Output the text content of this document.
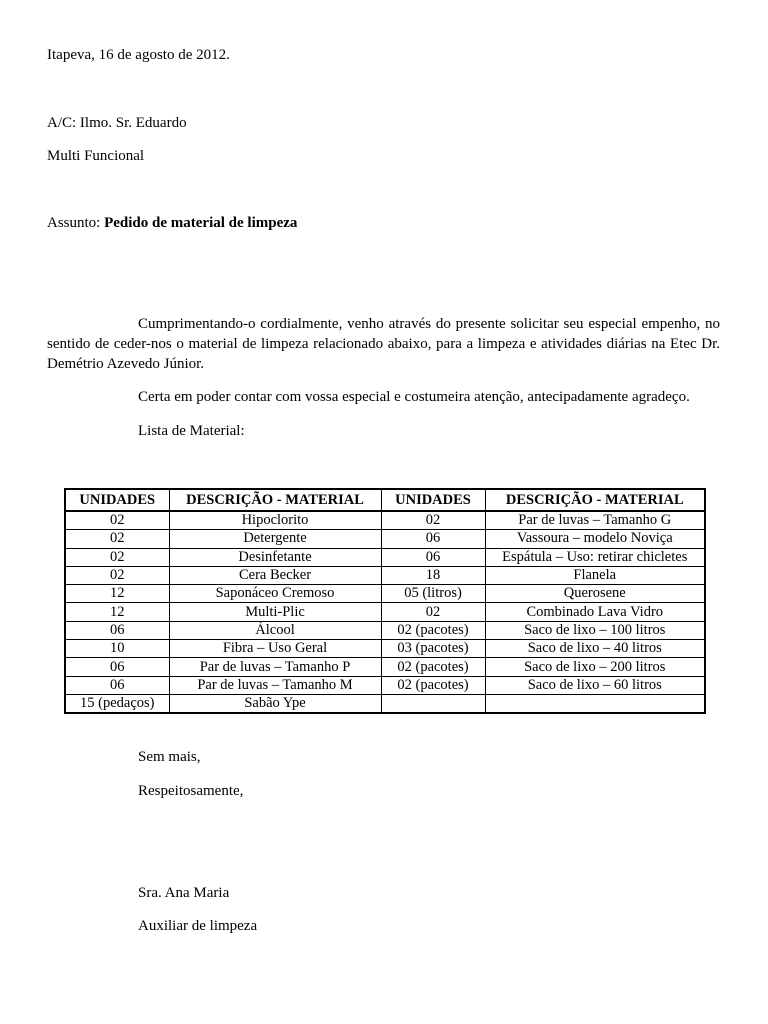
Itapeva, 16 de agosto de 2012.

A/C: Ilmo. Sr. Eduardo

Multi Funcional

Assunto: Pedido de material de limpeza

Cumprimentando-o cordialmente, venho através do presente solicitar seu especial empenho, no sentido de ceder-nos o material de limpeza relacionado abaixo, para a limpeza e atividades diárias na Etec Dr. Demétrio Azevedo Júnior.

Certa em poder contar com vossa especial e costumeira atenção, antecipadamente agradeço.

Lista de Material:

UNIDADES	DESCRIÇÃO - MATERIAL	UNIDADES	DESCRIÇÃO - MATERIAL
02	Hipoclorito	02	Par de luvas – Tamanho G
02	Detergente	06	Vassoura – modelo Noviça
02	Desinfetante	06	Espátula – Uso: retirar chicletes
02	Cera Becker	18	Flanela
12	Saponáceo Cremoso	05 (litros)	Querosene
12	Multi-Plic	02	Combinado Lava Vidro
06	Álcool	02 (pacotes)	Saco de lixo – 100 litros
10	Fibra – Uso Geral	03 (pacotes)	Saco de lixo – 40 litros
06	Par de luvas – Tamanho P	02 (pacotes)	Saco de lixo – 200 litros
06	Par de luvas – Tamanho M	02 (pacotes)	Saco de lixo – 60 litros
15 (pedaços)	Sabão Ype		

Sem mais,

Respeitosamente,

Sra. Ana Maria

Auxiliar de limpeza
